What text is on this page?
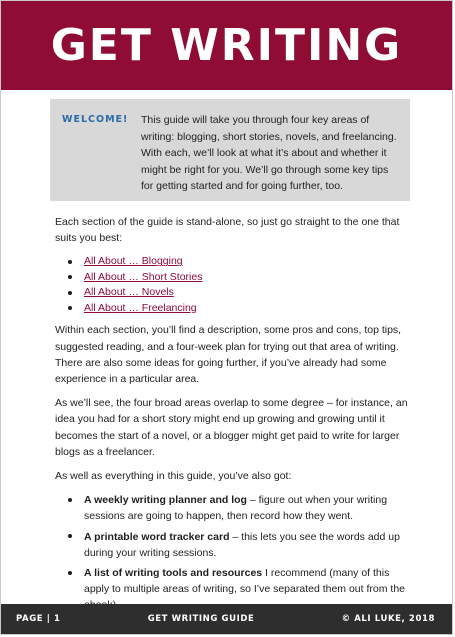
GET WRITING
WELCOME!	This guide will take you through four key areas of writing: blogging, short stories, novels, and freelancing. With each, we’ll look at what it’s about and whether it might be right for you. We’ll go through some key tips for getting started and for going further, too.

Each section of the guide is stand-alone, so just go straight to the one that suits you best:

All About … Blogging
All About … Short Stories
All About … Novels
All About … Freelancing

Within each section, you’ll find a description, some pros and cons, top tips, suggested reading, and a four-week plan for trying out that area of writing. There are also some ideas for going further, if you’ve already had some experience in a particular area.

As we’ll see, the four broad areas overlap to some degree – for instance, an idea you had for a short story might end up growing and growing until it becomes the start of a novel, or a blogger might get paid to write for larger blogs as a freelancer.

As well as everything in this guide, you’ve also got:

A weekly writing planner and log – figure out when your writing sessions are going to happen, then record how they went.
A printable word tracker card – this lets you see the words add up during your writing sessions.
A list of writing tools and resources I recommend (many of this apply to multiple areas of writing, so I’ve separated them out from the
PAGE | 1	GET WRITING GUIDE	© ALI LUKE, 2018
